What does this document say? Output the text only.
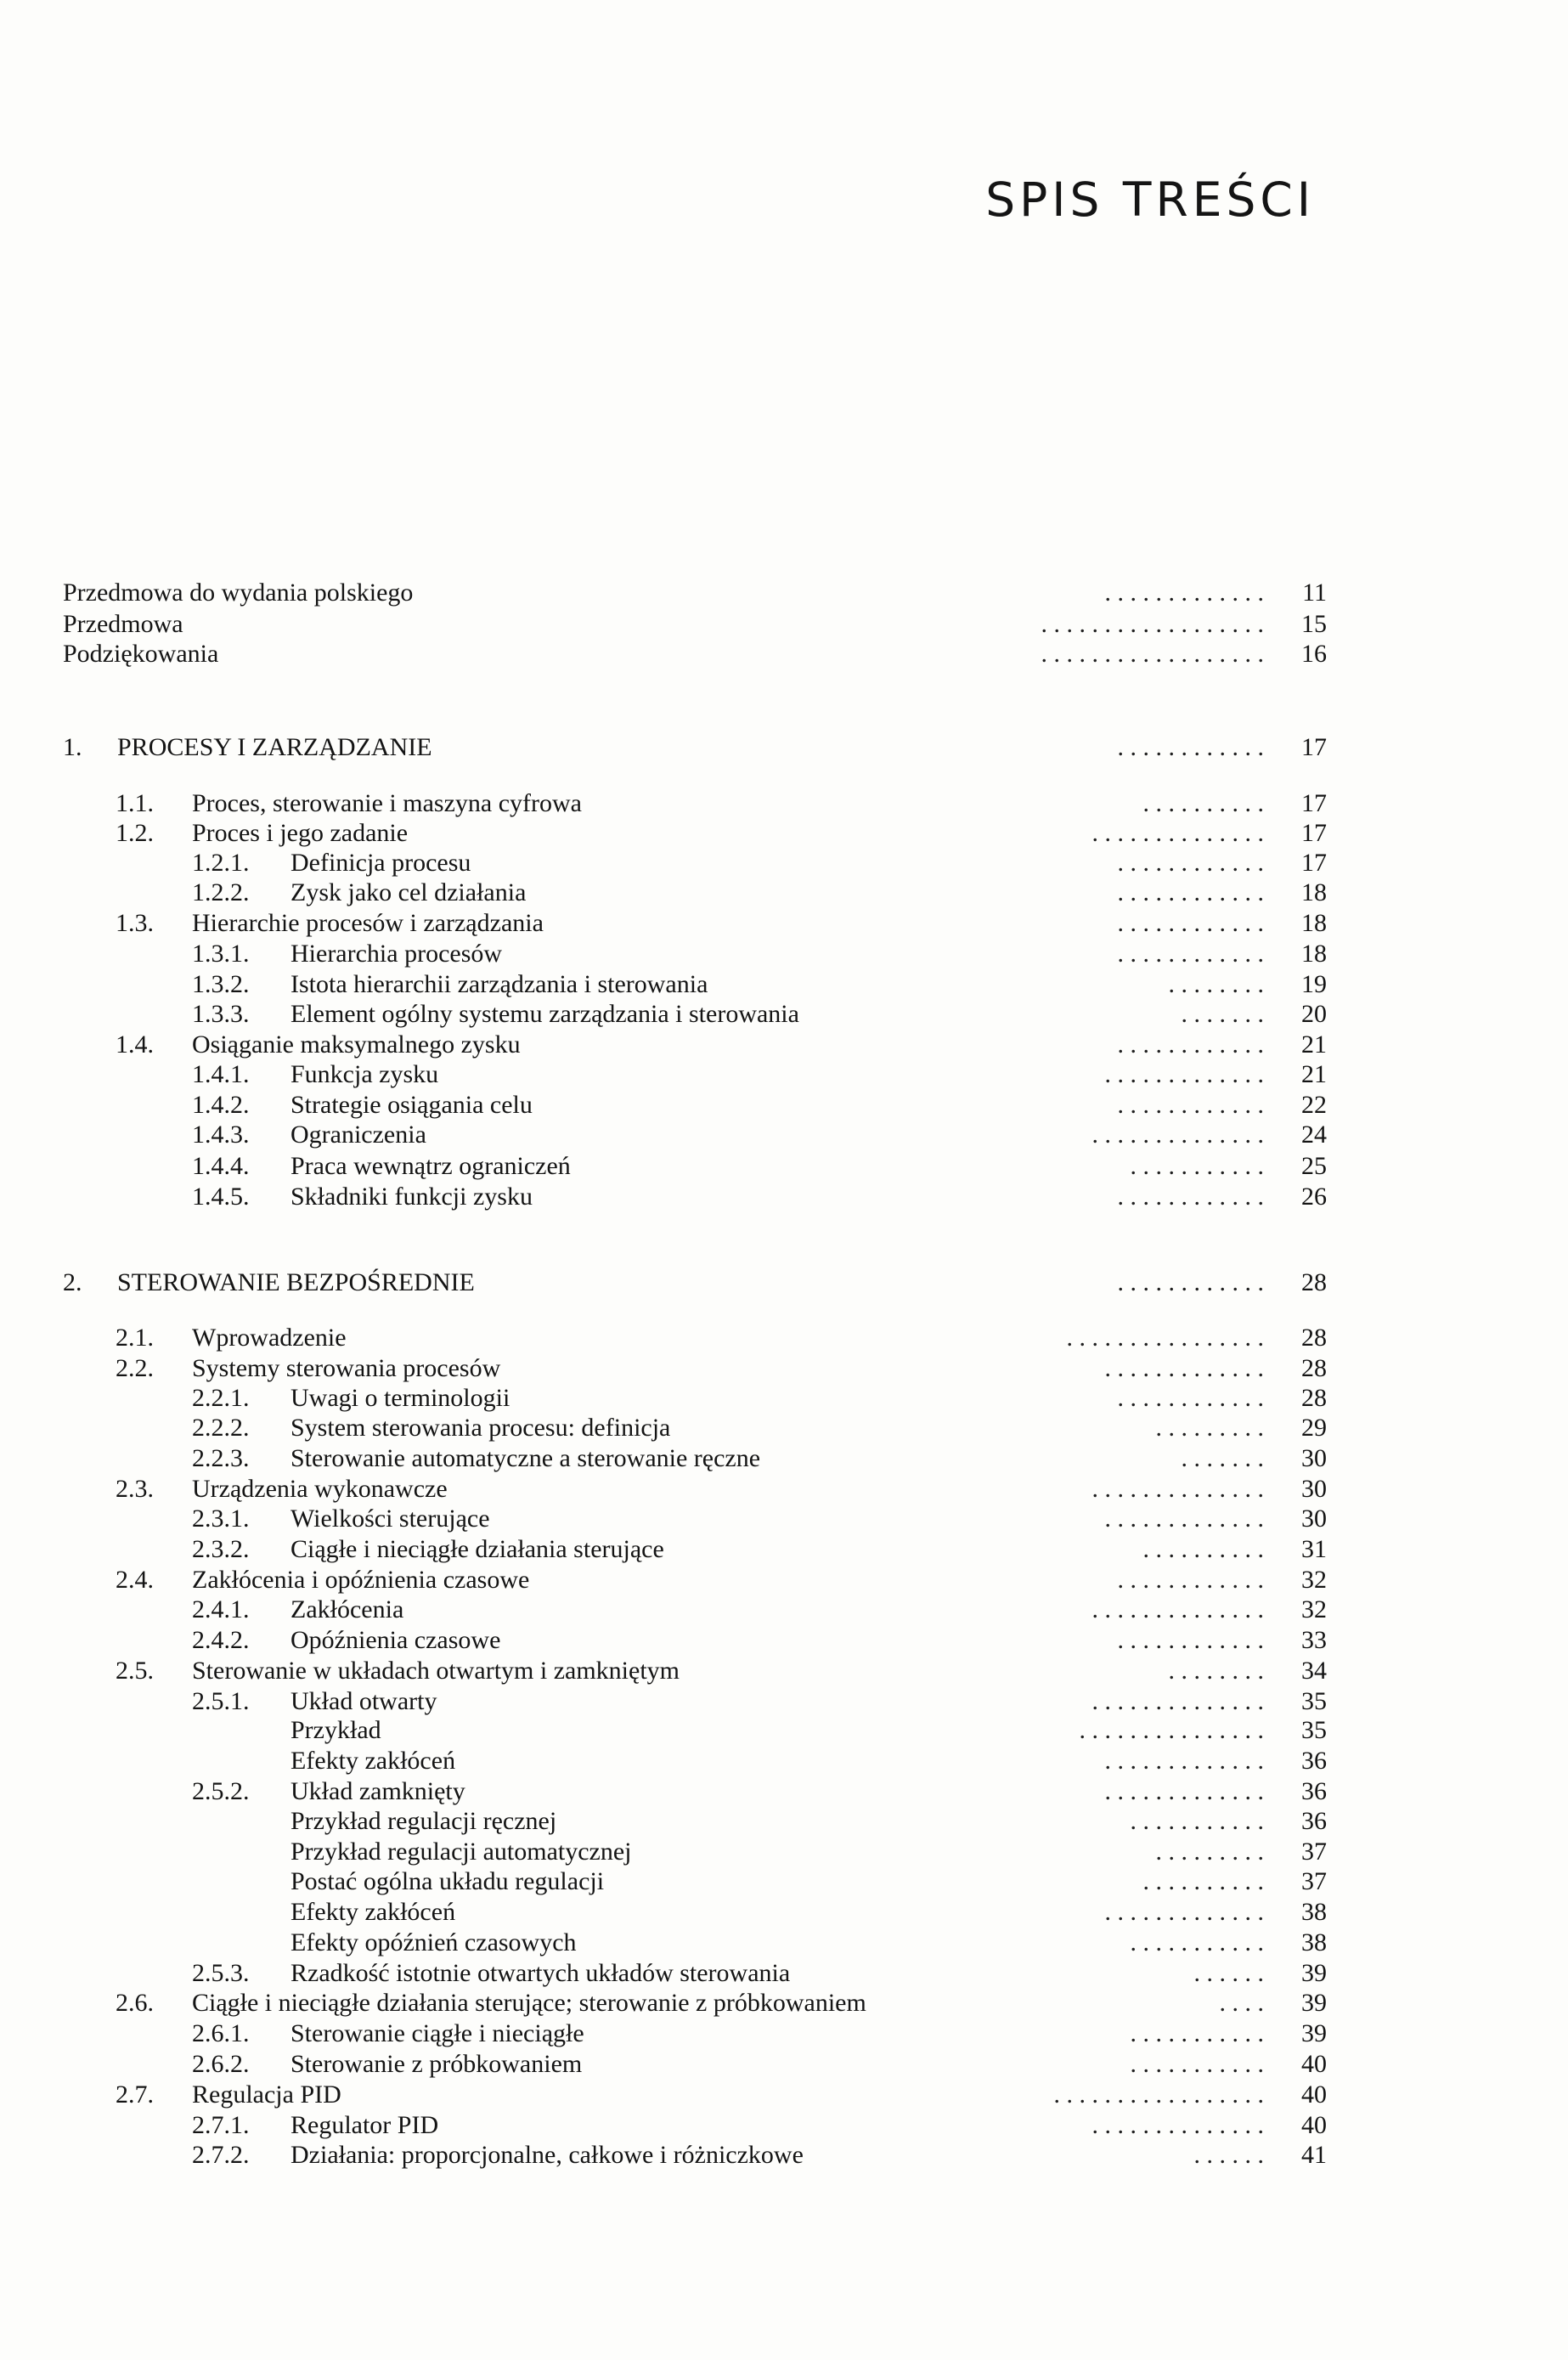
SPIS TREŚCI
Przedmowa do wydania polskiego	. . . . . . . . . . . . . 11
Przedmowa	. . . . . . . . . . . . . . . . . . 15
Podziękowania	. . . . . . . . . . . . . . . . . . 16
1. PROCESY I ZARZĄDZANIE	. . . . . . . . . . . . 17
1.1. Proces, sterowanie i maszyna cyfrowa	. . . . . . . . . . 17
1.2. Proces i jego zadanie	. . . . . . . . . . . . . . 17
1.2.1. Definicja procesu	. . . . . . . . . . . . 17
1.2.2. Zysk jako cel działania	. . . . . . . . . . . . 18
1.3. Hierarchie procesów i zarządzania	. . . . . . . . . . . . 18
1.3.1. Hierarchia procesów	. . . . . . . . . . . . 18
1.3.2. Istota hierarchii zarządzania i sterowania	. . . . . . . . 19
1.3.3. Element ogólny systemu zarządzania i sterowania	. . . . . . . 20
1.4. Osiąganie maksymalnego zysku	. . . . . . . . . . . . 21
1.4.1. Funkcja zysku	. . . . . . . . . . . . . 21
1.4.2. Strategie osiągania celu	. . . . . . . . . . . . 22
1.4.3. Ograniczenia	. . . . . . . . . . . . . . 24
1.4.4. Praca wewnątrz ograniczeń	. . . . . . . . . . . 25
1.4.5. Składniki funkcji zysku	. . . . . . . . . . . . 26
2. STEROWANIE BEZPOŚREDNIE	. . . . . . . . . . . . 28
2.1. Wprowadzenie	. . . . . . . . . . . . . . . . 28
2.2. Systemy sterowania procesów	. . . . . . . . . . . . . 28
2.2.1. Uwagi o terminologii	. . . . . . . . . . . . 28
2.2.2. System sterowania procesu: definicja	. . . . . . . . . 29
2.2.3. Sterowanie automatyczne a sterowanie ręczne	. . . . . . . 30
2.3. Urządzenia wykonawcze	. . . . . . . . . . . . . . 30
2.3.1. Wielkości sterujące	. . . . . . . . . . . . . 30
2.3.2. Ciągłe i nieciągłe działania sterujące	. . . . . . . . . . 31
2.4. Zakłócenia i opóźnienia czasowe	. . . . . . . . . . . . 32
2.4.1. Zakłócenia	. . . . . . . . . . . . . . 32
2.4.2. Opóźnienia czasowe	. . . . . . . . . . . . 33
2.5. Sterowanie w układach otwartym i zamkniętym	. . . . . . . . 34
2.5.1. Układ otwarty	. . . . . . . . . . . . . . 35
Przykład	. . . . . . . . . . . . . . . 35
Efekty zakłóceń	. . . . . . . . . . . . . 36
2.5.2. Układ zamknięty	. . . . . . . . . . . . . 36
Przykład regulacji ręcznej	. . . . . . . . . . . 36
Przykład regulacji automatycznej	. . . . . . . . . 37
Postać ogólna układu regulacji	. . . . . . . . . . 37
Efekty zakłóceń	. . . . . . . . . . . . . 38
Efekty opóźnień czasowych	. . . . . . . . . . . 38
2.5.3. Rzadkość istotnie otwartych układów sterowania	. . . . . . 39
2.6. Ciągłe i nieciągłe działania sterujące; sterowanie z próbkowaniem	. . . . 39
2.6.1. Sterowanie ciągłe i nieciągłe	. . . . . . . . . . . 39
2.6.2. Sterowanie z próbkowaniem	. . . . . . . . . . . 40
2.7. Regulacja PID	. . . . . . . . . . . . . . . . . 40
2.7.1. Regulator PID	. . . . . . . . . . . . . . 40
2.7.2. Działania: proporcjonalne, całkowe i różniczkowe	. . . . . . 41
